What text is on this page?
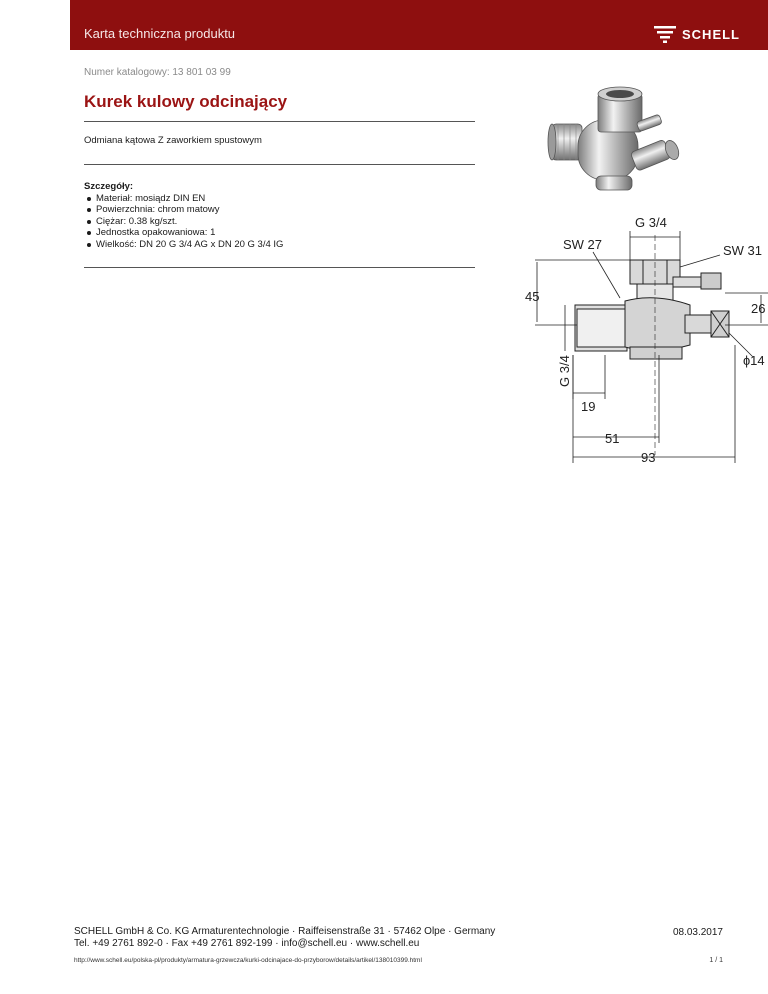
Karta techniczna produktu	SCHELL
Numer katalogowy: 13 801 03 99
Kurek kulowy odcinający
Odmiana kątowa Z zaworkiem spustowym
Szczegóły:
Materiał: mosiądz DIN EN
Powierzchnia: chrom matowy
Ciężar: 0.38 kg/szt.
Jednostka opakowaniowa: 1
Wielkość: DN 20 G 3/4 AG x DN 20 G 3/4 IG
G 3/4
SW 27	SW 31
45
26
ɸ14
G 3/4
19
51
93
SCHELL GmbH & Co. KG Armaturentechnologie · Raiffeisenstraße 31 · 57462 Olpe · Germany
Tel. +49 2761 892-0 · Fax +49 2761 892-199 · info@schell.eu · www.schell.eu
08.03.2017
http://www.schell.eu/polska-pl/produkty/armatura-grzewcza/kurki-odcinajace-do-przyborow/details/artikel/138010399.html	1 / 1
